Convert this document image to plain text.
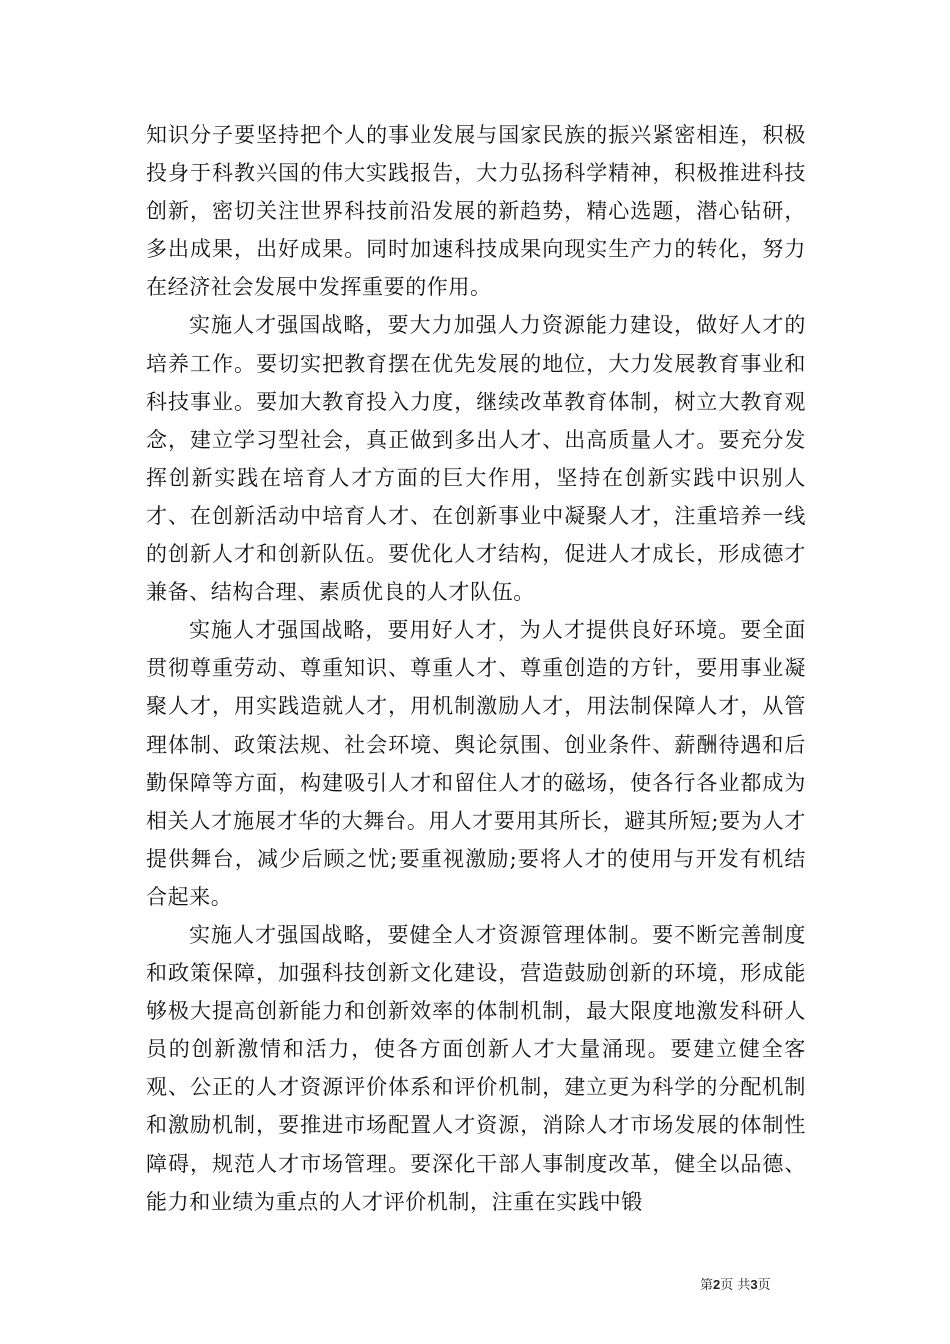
知识分子要坚持把个人的事业发展与国家民族的振兴紧密相连，积极投身于科教兴国的伟大实践报告，大力弘扬科学精神，积极推进科技创新，密切关注世界科技前沿发展的新趋势，精心选题，潜心钻研，多出成果，出好成果。同时加速科技成果向现实生产力的转化，努力在经济社会发展中发挥重要的作用。

实施人才强国战略，要大力加强人力资源能力建设，做好人才的培养工作。要切实把教育摆在优先发展的地位，大力发展教育事业和科技事业。要加大教育投入力度，继续改革教育体制，树立大教育观念，建立学习型社会，真正做到多出人才、出高质量人才。要充分发挥创新实践在培育人才方面的巨大作用，坚持在创新实践中识别人才、在创新活动中培育人才、在创新事业中凝聚人才，注重培养一线的创新人才和创新队伍。要优化人才结构，促进人才成长，形成德才兼备、结构合理、素质优良的人才队伍。

实施人才强国战略，要用好人才，为人才提供良好环境。要全面贯彻尊重劳动、尊重知识、尊重人才、尊重创造的方针，要用事业凝聚人才，用实践造就人才，用机制激励人才，用法制保障人才，从管理体制、政策法规、社会环境、舆论氛围、创业条件、薪酬待遇和后勤保障等方面，构建吸引人才和留住人才的磁场，使各行各业都成为相关人才施展才华的大舞台。用人才要用其所长，避其所短;要为人才提供舞台，减少后顾之忧;要重视激励;要将人才的使用与开发有机结合起来。

实施人才强国战略，要健全人才资源管理体制。要不断完善制度和政策保障，加强科技创新文化建设，营造鼓励创新的环境，形成能够极大提高创新能力和创新效率的体制机制，最大限度地激发科研人员的创新激情和活力，使各方面创新人才大量涌现。要建立健全客观、公正的人才资源评价体系和评价机制，建立更为科学的分配机制和激励机制，要推进市场配置人才资源，消除人才市场发展的体制性障碍，规范人才市场管理。要深化干部人事制度改革，健全以品德、能力和业绩为重点的人才评价机制，注重在实践中锻

第2页 共3页
